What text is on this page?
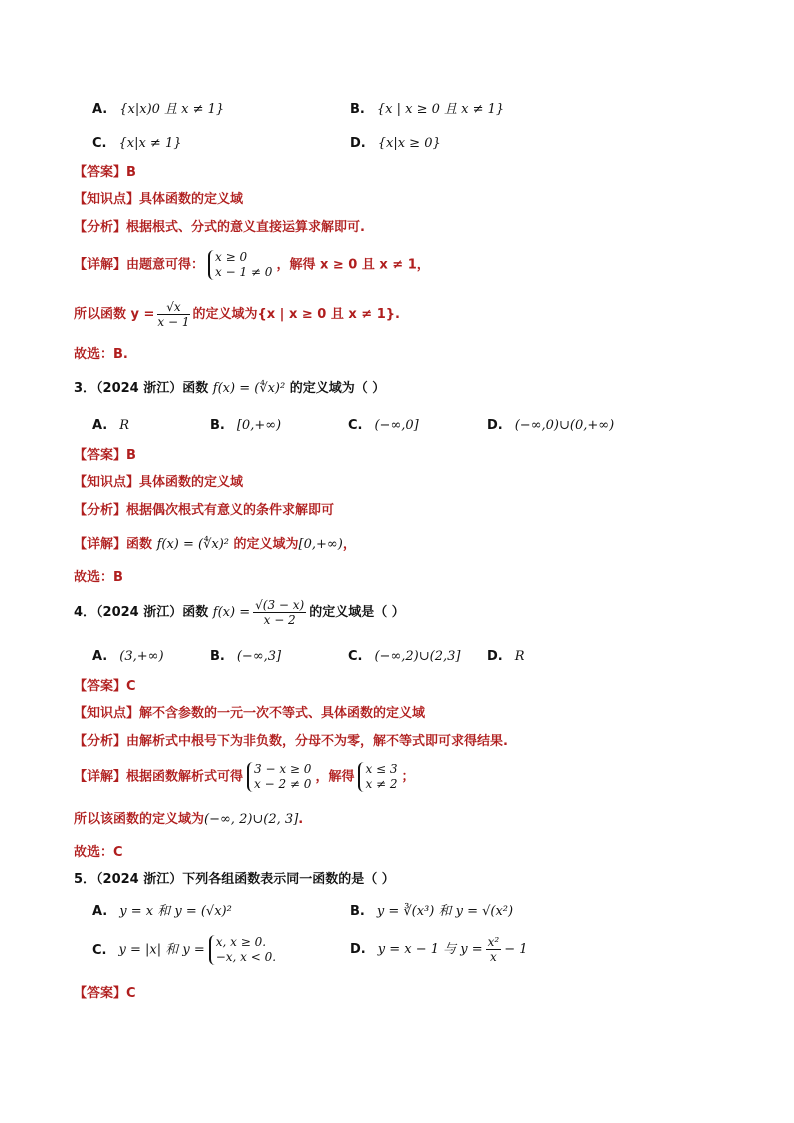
A. {x|x)0 且 x ≠ 1}	B. {x | x ≥ 0 且 x ≠ 1}
C. {x|x ≠ 1}	D. {x|x ≥ 0}
【答案】B
【知识点】具体函数的定义域
【分析】根据根式、分式的意义直接运算求解即可.
【详解】由题意可得：
x ≥ 0
x − 1 ≠ 0 ，解得 x ≥ 0 且 x ≠ 1，
所以函数 $y = \frac{√x}{x - 1}$ 的定义域为{x | x ≥ 0 且 x ≠ 1}.
故选：B.
3．（2024 浙江）函数 f(x) = (∜x)² 的定义域为（ ）
A. R	B. [0,+∞)	C. (−∞,0]	D. (−∞,0)∪(0,+∞)
【答案】B
【知识点】具体函数的定义域
【分析】根据偶次根式有意义的条件求解即可
【详解】函数 f(x) = (∜x)² 的定义域为[0,+∞)，
故选：B
4．（2024 浙江）函数 $f(x) = \frac{√(3 - x)}{x - 2}$ 的定义域是（ ）
A. (3,+∞)	B. (−∞,3]	C. (−∞,2)∪(2,3] D. R
【答案】C
【知识点】解不含参数的一元一次不等式、具体函数的定义域
【分析】由解析式中根号下为非负数，分母不为零，解不等式即可求得结果.
【详解】根据函数解析式可得
3 − x ≥ 0
x − 2 ≠ 0 ，解得
x ≤ 3
x ≠ 2 ；
所以该函数的定义域为(−∞, 2)∪(2, 3].
故选：C
5．（2024 浙江）下列各组函数表示同一函数的是（ ）
A. y = x 和 y = (√x)²	B. y = ∛(x³) 和 y = √(x²)
C. y = |x| 和 y =
x, x ≥ 0.
−x, x < 0.	D. y = x − 1 与 $y = \frac{\text{x²}}{x} - 1$
【答案】C
